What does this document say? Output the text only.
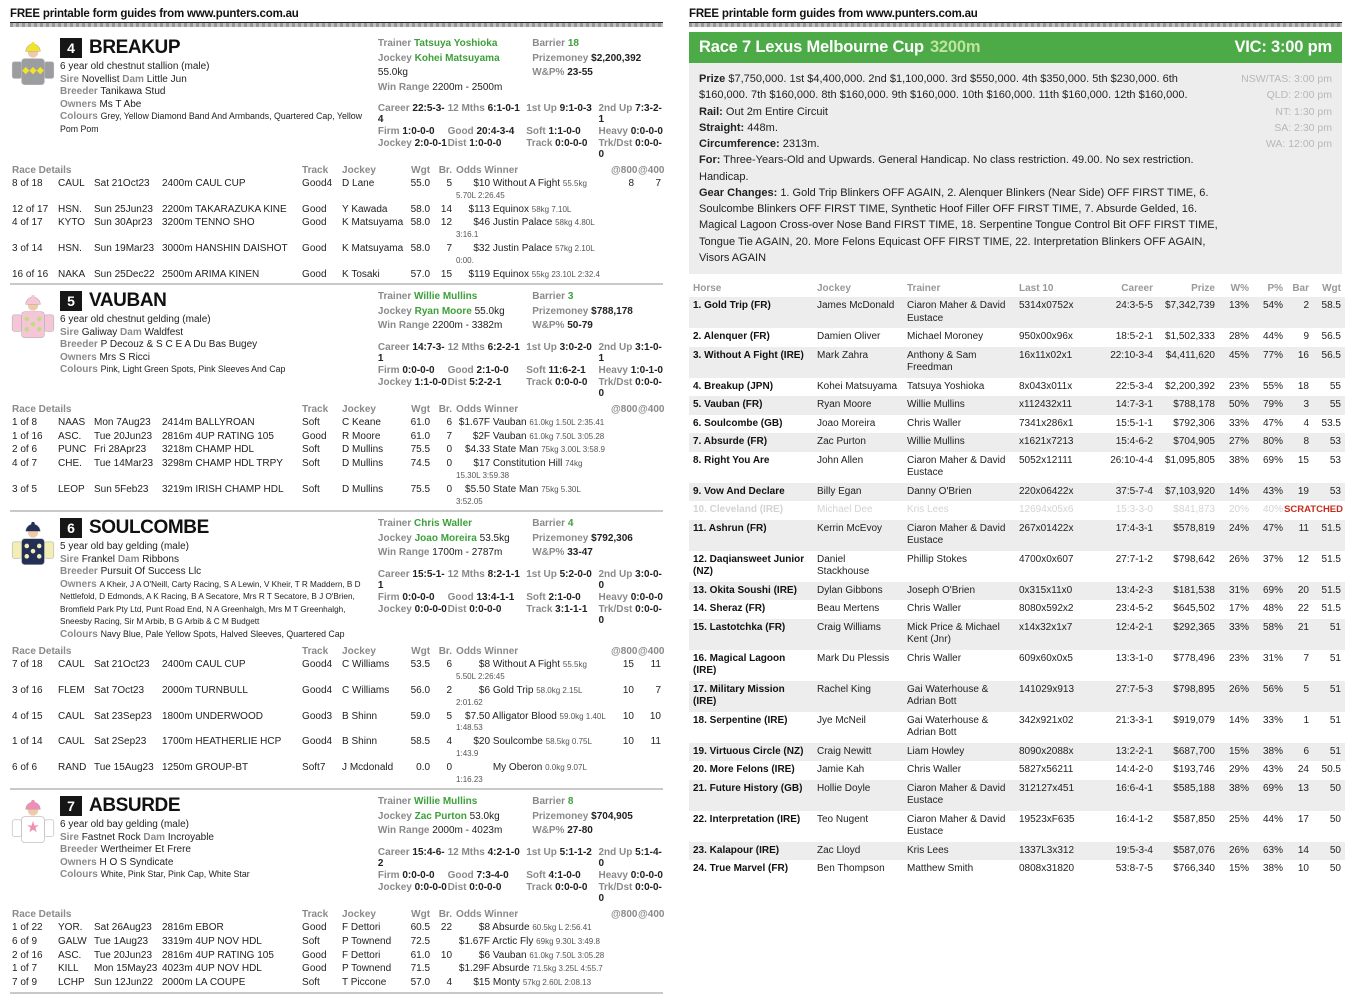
FREE printable form guides from www.punters.com.au
4 BREAKUP
6 year old chestnut stallion (male)
Sire Novellist Dam Little Jun
Breeder Tanikawa Stud
Owners Ms T Abe
Colours Grey, Yellow Diamond Band And Armbands, Quartered Cap, Yellow Pom Pom
Trainer Tatsuya Yoshioka
Jockey Kohei Matsuyama 55.0kg
Win Range 2200m - 2500m
Barrier 18
Prizemoney $2,200,392
W&P% 23-55
Career 22:5-3-4
12 Mths 6:1-0-1 1st Up 9:1-0-3 2nd Up 7:3-2-1
Firm 1:0-0-0	Good 20:4-3-4	Soft 1:1-0-0	Heavy 0:0-0-0
Jockey 2:0-0-1 Dist 1:0-0-0	Track 0:0-0-0	Trk/Dst 0:0-0-0
Race Details				Track	Jockey	Wgt	Br.	Odds Winner	@800	@400
8 of 18	CAUL	Sat 21Oct23	2400m CAUL CUP	Good4	D Lane	55.0	5	$10 Without A Fight 55.5kg 5.70L 2:26.45	8	7
12 of 17	HSN.	Sun 25Jun23	2200m TAKARAZUKA KINE	Good	Y Kawada	58.0	14	$113 Equinox 58kg 7.10L		
4 of 17	KYTO	Sun 30Apr23	3200m TENNO SHO	Good	K Matsuyama	58.0	12	$46 Justin Palace 58kg 4.80L 3:16.1		
3 of 14	HSN.	Sun 19Mar23	3000m HANSHIN DAISHOT	Good	K Matsuyama	58.0	7	$32 Justin Palace 57kg 2.10L 0:00.		
16 of 16	NAKA	Sun 25Dec22	2500m ARIMA KINEN	Good	K Tosaki	57.0	15	$119 Equinox 55kg 23.10L 2:32.4		
5 VAUBAN
6 year old chestnut gelding (male)
Sire Galiway Dam Waldfest
Breeder P Decouz & S C E A Du Bas Bugey
Owners Mrs S Ricci
Colours Pink, Light Green Spots, Pink Sleeves And Cap
Trainer Willie Mullins
Jockey Ryan Moore 55.0kg
Win Range 2200m - 3382m
Barrier 3
Prizemoney $788,178
W&P% 50-79
Career 14:7-3-1
12 Mths 6:2-2-1 1st Up 3:0-2-0 2nd Up 3:1-0-1
Firm 0:0-0-0	Good 2:1-0-0	Soft 11:6-2-1	Heavy 1:0-1-0
Jockey 1:1-0-0 Dist 5:2-2-1	Track 0:0-0-0	Trk/Dst 0:0-0-0
Race Details				Track	Jockey	Wgt	Br.	Odds Winner	@800	@400
1 of 8	NAAS	Mon 7Aug23	2414m BALLYROAN	Soft	C Keane	61.0	6	$1.67F Vauban 61.0kg 1.50L 2:35.41		
1 of 16	ASC.	Tue 20Jun23	2816m 4UP RATING 105	Good	R Moore	61.0	7	$2F Vauban 61.0kg 7.50L 3:05.28		
2 of 6	PUNC	Fri 28Apr23	3218m CHAMP HDL	Soft	D Mullins	75.5	0	$4.33 State Man 75kg 3.00L 3:58.9		
4 of 7	CHE.	Tue 14Mar23	3298m CHAMP HDL TRPY	Soft	D Mullins	74.5	0	$17 Constitution Hill 74kg 15.30L 3:59.38		
3 of 5	LEOP	Sun 5Feb23	3219m IRISH CHAMP HDL	Soft	D Mullins	75.5	0	$5.50 State Man 75kg 5.30L 3:52.05		
6 SOULCOMBE
5 year old bay gelding (male)
Sire Frankel Dam Ribbons
Breeder Pursuit Of Success Llc
Owners A Kheir, J A O'Neill, Carty Racing, S A Lewin, V Kheir, T R Maddern, B D Nettlefold, D Edmonds, A K Racing, B A Secatore, Mrs R T Secatore, B J O'Brien, Bromfield Park Pty Ltd, Punt Road End, N A Greenhalgh, Mrs M T Greenhalgh, Sneesby Racing, Sir M Arbib, B G Arbib & C M Budgett
Colours Navy Blue, Pale Yellow Spots, Halved Sleeves, Quartered Cap
Trainer Chris Waller
Jockey Joao Moreira 53.5kg
Win Range 1700m - 2787m
Barrier 4
Prizemoney $792,306
W&P% 33-47
Career 15:5-1-1
12 Mths 8:2-1-1 1st Up 5:2-0-0 2nd Up 3:0-0-0
Firm 0:0-0-0	Good 13:4-1-1	Soft 2:1-0-0	Heavy 0:0-0-0
Jockey 0:0-0-0 Dist 0:0-0-0	Track 3:1-1-1	Trk/Dst 0:0-0-0
Race Details				Track	Jockey	Wgt	Br.	Odds Winner	@800	@400
7 of 18	CAUL	Sat 21Oct23	2400m CAUL CUP	Good4	C Williams	53.5	6	$8 Without A Fight 55.5kg 5.50L 2:26:45	15	11
3 of 16	FLEM	Sat 7Oct23	2000m TURNBULL	Good4	C Williams	56.0	2	$6 Gold Trip 58.0kg 2.15L 2:01.62	10	7
4 of 15	CAUL	Sat 23Sep23	1800m UNDERWOOD	Good3	B Shinn	59.0	5	$7.50 Alligator Blood 59.0kg 1.40L 1:48.53	10	10
1 of 14	CAUL	Sat 2Sep23	1700m HEATHERLIE HCP	Good4	B Shinn	58.5	4	$20 Soulcombe 58.5kg 0.75L 1:43.9	10	11
6 of 6	RAND	Tue 15Aug23	1250m GROUP-BT	Soft7	J Mcdonald	0.0	0	My Oberon 0.0kg 9.07L 1:16.23		
7 ABSURDE
6 year old bay gelding (male)
Sire Fastnet Rock Dam Incroyable
Breeder Wertheimer Et Frere
Owners H O S Syndicate
Colours White, Pink Star, Pink Cap, White Star
Trainer Willie Mullins
Jockey Zac Purton 53.0kg
Win Range 2000m - 4023m
Barrier 8
Prizemoney $704,905
W&P% 27-80
Career 15:4-6-2
12 Mths 4:2-1-0 1st Up 5:1-1-2 2nd Up 5:1-4-0
Firm 0:0-0-0	Good 7:3-4-0	Soft 4:1-0-0	Heavy 0:0-0-0
Jockey 0:0-0-0 Dist 0:0-0-0	Track 0:0-0-0	Trk/Dst 0:0-0-0
Race Details				Track	Jockey	Wgt	Br.	Odds Winner	@800	@400
1 of 22	YOR.	Sat 26Aug23	2816m EBOR	Good	F Dettori	60.5	22	$8 Absurde 60.5kg L 2:56.41		
6 of 9	GALW	Tue 1Aug23	3319m 4UP NOV HDL	Soft	P Townend	72.5		$1.67F Arctic Fly 69kg 9.30L 3:49.8		
2 of 16	ASC.	Tue 20Jun23	2816m 4UP RATING 105	Good	F Dettori	61.0	10	$6 Vauban 61.0kg 7.50L 3:05.28		
1 of 7	KILL	Mon 15May23	4023m 4UP NOV HDL	Good	P Townend	71.5		$1.29F Absurde 71.5kg 3.25L 4:55.7		
7 of 9	LCHP	Sun 12Jun22	2000m LA COUPE	Soft	T Piccone	57.0	4	$15 Monty 57kg 2.60L 2:08.13		
FREE printable form guides from www.punters.com.au
Race 7 Lexus Melbourne Cup 3200m	VIC: 3:00 pm
NSW/TAS: 3:00 pm
QLD: 2:00 pm
NT: 1:30 pm
SA: 2:30 pm
WA: 12:00 pm
Prize $7,750,000. 1st $4,400,000. 2nd $1,100,000. 3rd $550,000. 4th $350,000. 5th $230,000. 6th $160,000. 7th $160,000. 8th $160,000. 9th $160,000. 10th $160,000. 11th $160,000. 12th $160,000.
Rail: Out 2m Entire Circuit
Straight: 448m.
Circumference: 2313m.
For: Three-Years-Old and Upwards. General Handicap. No class restriction. 49.00. No sex restriction. Handicap.
Gear Changes: 1. Gold Trip Blinkers OFF AGAIN, 2. Alenquer Blinkers (Near Side) OFF FIRST TIME, 6. Soulcombe Blinkers OFF FIRST TIME, Synthetic Hoof Filler OFF FIRST TIME, 7. Absurde Gelded, 16. Magical Lagoon Cross-over Nose Band FIRST TIME, 18. Serpentine Tongue Control Bit OFF FIRST TIME, Tongue Tie AGAIN, 20. More Felons Equicast OFF FIRST TIME, 22. Interpretation Blinkers OFF AGAIN, Visors AGAIN
Horse	Jockey	Trainer	Last 10	Career	Prize	W%	P%	Bar	Wgt
1. Gold Trip (FR)	James McDonald	Ciaron Maher & David Eustace	5314x0752x	24:3-5-5	$7,342,739	13%	54%	2	58.5
2. Alenquer (FR)	Damien Oliver	Michael Moroney	950x00x96x	18:5-2-1	$1,502,333	28%	44%	9	56.5
3. Without A Fight (IRE)	Mark Zahra	Anthony & Sam Freedman	16x11x02x1	22:10-3-4	$4,411,620	45%	77%	16	56.5
4. Breakup (JPN)	Kohei Matsuyama	Tatsuya Yoshioka	8x043x011x	22:5-3-4	$2,200,392	23%	55%	18	55
5. Vauban (FR)	Ryan Moore	Willie Mullins	x112432x11	14:7-3-1	$788,178	50%	79%	3	55
6. Soulcombe (GB)	Joao Moreira	Chris Waller	7341x286x1	15:5-1-1	$792,306	33%	47%	4	53.5
7. Absurde (FR)	Zac Purton	Willie Mullins	x1621x7213	15:4-6-2	$704,905	27%	80%	8	53
8. Right You Are	John Allen	Ciaron Maher & David Eustace	5052x12111	26:10-4-4	$1,095,805	38%	69%	15	53
9. Vow And Declare	Billy Egan	Danny O'Brien	220x06422x	37:5-7-4	$7,103,920	14%	43%	19	53
10. Cleveland (IRE)	Michael Dee	Kris Lees	12694x05x6	15:3-3-0	$841,873	20%	40%		SCRATCHED

11. Ashrun (FR)	Kerrin McEvoy	Ciaron Maher & David Eustace	267x01422x	17:4-3-1	$578,819	24%	47%	11	51.5
12. Daqiansweet Junior (NZ)	Daniel Stackhouse	Phillip Stokes	4700x0x607	27:7-1-2	$798,642	26%	37%	12	51.5
13. Okita Soushi (IRE)	Dylan Gibbons	Joseph O'Brien	0x315x11x0	13:4-2-3	$181,538	31%	69%	20	51.5
14. Sheraz (FR)	Beau Mertens	Chris Waller	8080x592x2	23:4-5-2	$645,502	17%	48%	22	51.5
15. Lastotchka (FR)	Craig Williams	Mick Price & Michael Kent (Jnr)	x14x32x1x7	12:4-2-1	$292,365	33%	58%	21	51
16. Magical Lagoon (IRE)	Mark Du Plessis	Chris Waller	609x60x0x5	13:3-1-0	$778,496	23%	31%	7	51
17. Military Mission (IRE)	Rachel King	Gai Waterhouse & Adrian Bott	141029x913	27:7-5-3	$798,895	26%	56%	5	51
18. Serpentine (IRE)	Jye McNeil	Gai Waterhouse & Adrian Bott	342x921x02	21:3-3-1	$919,079	14%	33%	1	51
19. Virtuous Circle (NZ)	Craig Newitt	Liam Howley	8090x2088x	13:2-2-1	$687,700	15%	38%	6	51
20. More Felons (IRE)	Jamie Kah	Chris Waller	5827x56211	14:4-2-0	$193,746	29%	43%	24	50.5
21. Future History (GB)	Hollie Doyle	Ciaron Maher & David Eustace	312127x451	16:6-4-1	$585,188	38%	69%	13	50
22. Interpretation (IRE)	Teo Nugent	Ciaron Maher & David Eustace	19523xF635	16:4-1-2	$587,850	25%	44%	17	50
23. Kalapour (IRE)	Zac Lloyd	Kris Lees	1337L3x312	19:5-3-4	$587,076	26%	63%	14	50
24. True Marvel (FR)	Ben Thompson	Matthew Smith	0808x31820	53:8-7-5	$766,340	15%	38%	10	50
